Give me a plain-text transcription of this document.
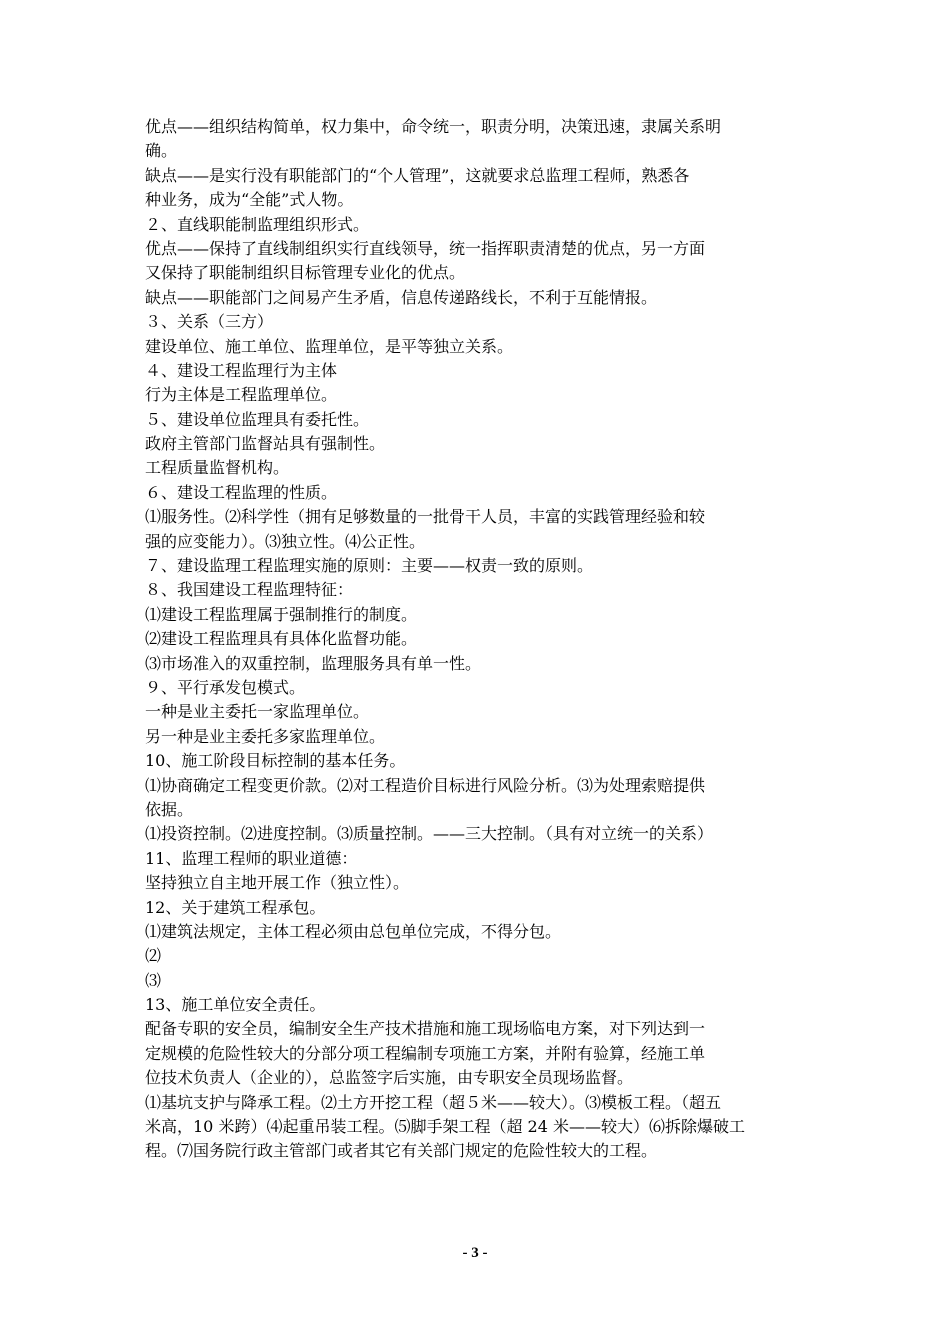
优点——组织结构简单，权力集中，命令统一，职责分明，决策迅速，隶属关系明
确。
缺点——是实行没有职能部门的“个人管理”，这就要求总监理工程师，熟悉各
种业务，成为“全能”式人物。
２、直线职能制监理组织形式。
优点——保持了直线制组织实行直线领导，统一指挥职责清楚的优点，另一方面
又保持了职能制组织目标管理专业化的优点。
缺点——职能部门之间易产生矛盾，信息传递路线长，不利于互能情报。
３、关系（三方）
建设单位、施工单位、监理单位，是平等独立关系。
４、建设工程监理行为主体
行为主体是工程监理单位。
５、建设单位监理具有委托性。
政府主管部门监督站具有强制性。
工程质量监督机构。
６、建设工程监理的性质。
⑴服务性。⑵科学性（拥有足够数量的一批骨干人员，丰富的实践管理经验和较
强的应变能力）。⑶独立性。⑷公正性。
７、建设监理工程监理实施的原则：主要——权责一致的原则。
８、我国建设工程监理特征：
⑴建设工程监理属于强制推行的制度。
⑵建设工程监理具有具体化监督功能。
⑶市场准入的双重控制，监理服务具有单一性。
９、平行承发包模式。
一种是业主委托一家监理单位。
另一种是业主委托多家监理单位。
10、施工阶段目标控制的基本任务。
⑴协商确定工程变更价款。⑵对工程造价目标进行风险分析。⑶为处理索赔提供
依据。
⑴投资控制。⑵进度控制。⑶质量控制。——三大控制。（具有对立统一的关系）
11、监理工程师的职业道德：
坚持独立自主地开展工作（独立性）。
12、关于建筑工程承包。
⑴建筑法规定，主体工程必须由总包单位完成，不得分包。
⑵
⑶
13、施工单位安全责任。
配备专职的安全员，编制安全生产技术措施和施工现场临电方案，对下列达到一
定规模的危险性较大的分部分项工程编制专项施工方案，并附有验算，经施工单
位技术负责人（企业的），总监签字后实施，由专职安全员现场监督。
⑴基坑支护与降承工程。⑵土方开挖工程（超５米——较大）。⑶模板工程。（超五
米高，10 米跨）⑷起重吊装工程。⑸脚手架工程（超 24 米——较大）⑹拆除爆破工
程。⑺国务院行政主管部门或者其它有关部门规定的危险性较大的工程。
- 3 -
